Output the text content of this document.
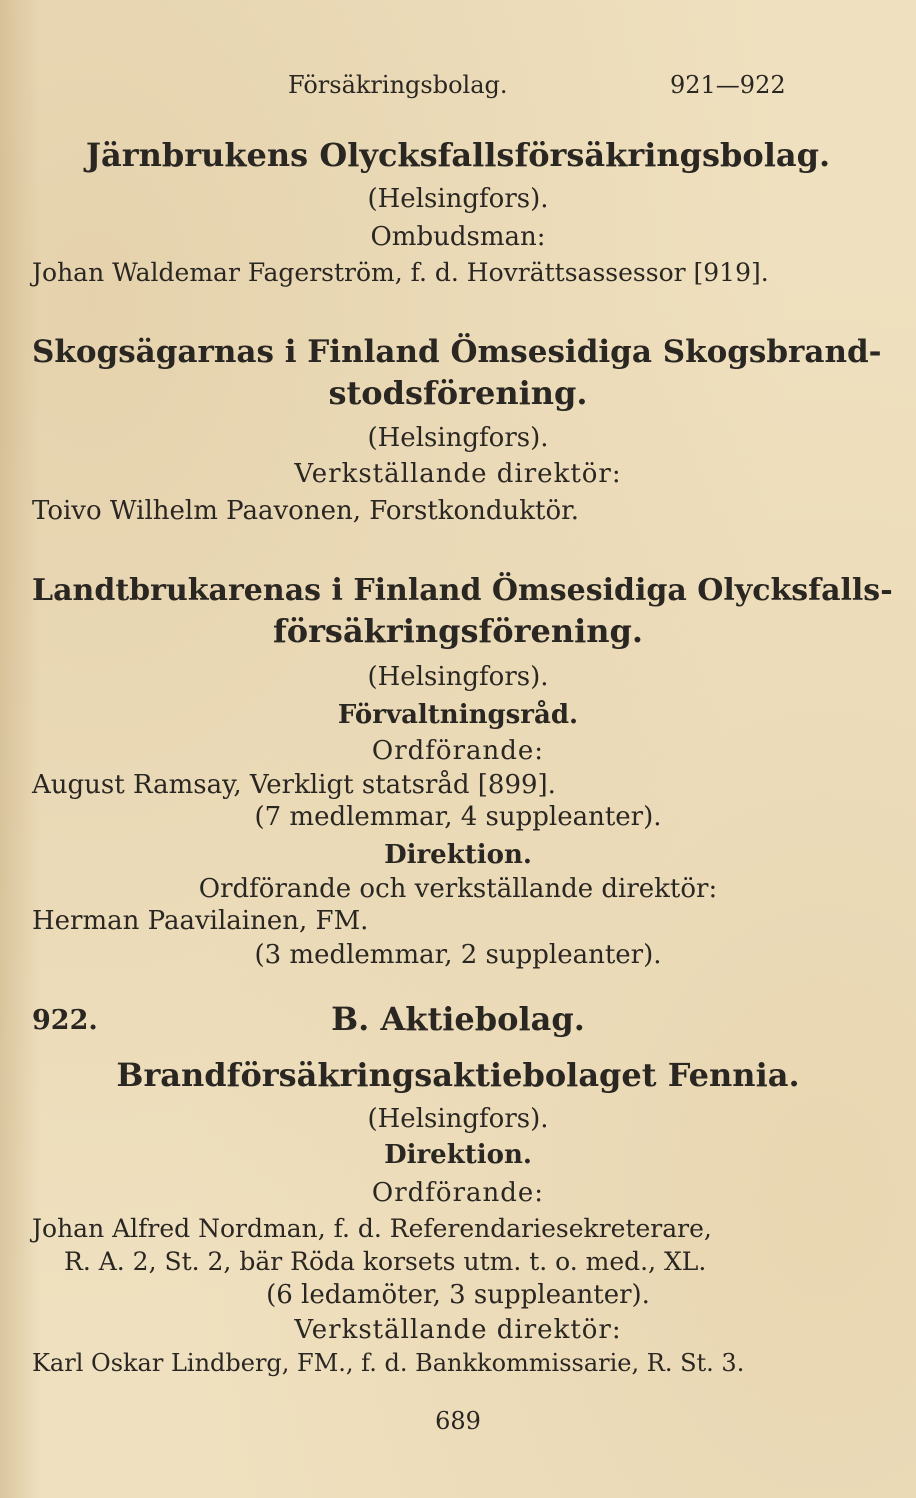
Försäkringsbolag.	921—922
Järnbrukens Olycksfallsförsäkringsbolag.
(Helsingfors).
Ombudsman:
Johan Waldemar Fagerström, f. d. Hovrättsassessor [919].
Skogsägarnas i Finland Ömsesidiga Skogsbrand-
stodsförening.
(Helsingfors).
Verkställande direktör:
Toivo Wilhelm Paavonen, Forstkonduktör.
Landtbrukarenas i Finland Ömsesidiga Olycksfalls-
försäkringsförening.
(Helsingfors).
Förvaltningsråd.
Ordförande:
August Ramsay, Verkligt statsråd [899].
(7 medlemmar, 4 suppleanter).
Direktion.
Ordförande och verkställande direktör:
Herman Paavilainen, FM.
(3 medlemmar, 2 suppleanter).
922.	B. Aktiebolag.
Brandförsäkringsaktiebolaget Fennia.
(Helsingfors).
Direktion.
Ordförande:
Johan Alfred Nordman, f. d. Referendariesekreterare,
R. A. 2, St. 2, bär Röda korsets utm. t. o. med., XL.
(6 ledamöter, 3 suppleanter).
Verkställande direktör:
Karl Oskar Lindberg, FM., f. d. Bankkommissarie, R. St. 3.
689
